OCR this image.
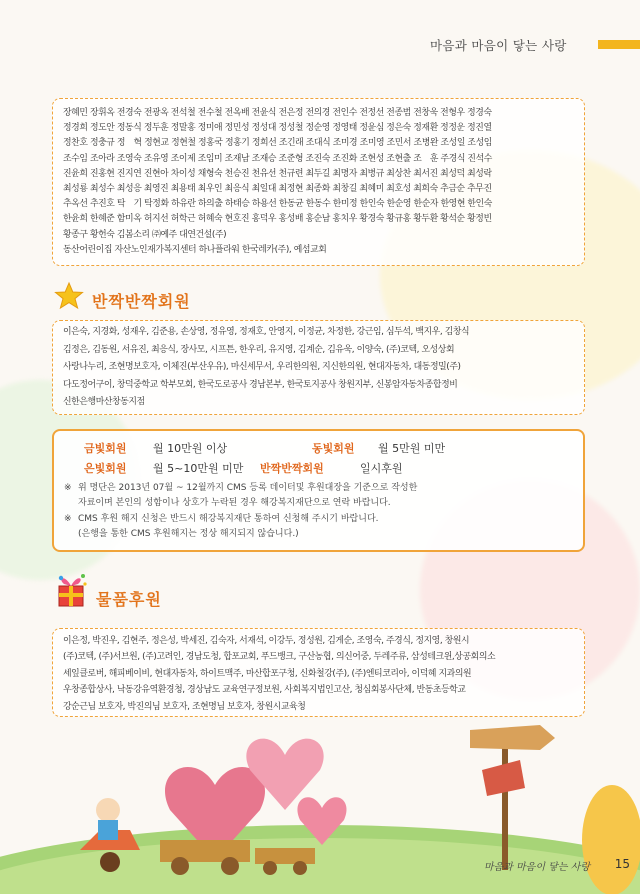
마음과 마음이 닿는 사랑
장혜민 장휘옥 전경숙 전광옥 전석철 전수철 전옥배 전윤식 전은정 전의경 전인수 전정선 전종범 전창욱 전형우 정경숙
정경희 정도안 정동식 정두훈 정말홍 정미애 정민성 정성대 정성철 정순영 정영태 정윤심 정은숙 정재환 정정운 정진열
정찬호 정충규 정　혁 정현교 정현철 정홍국 정홍기 정희선 조긴래 조대식 조미경 조미영 조민서 조병완 조성일 조성임
조수임 조아라 조영숙 조유영 조이제 조임미 조재남 조재승 조준형 조진숙 조진화 조현성 조현출 조　훈 주경식 진석수
진윤희 진홍현 진지연 진현아 차이성 채형숙 천승진 천유선 천규련 최두길 최명자 최병규 최상찬 최서진 최성덕 최성락
최성룡 최성수 최성응 최영진 최용태 최우인 최응식 최일대 최정현 최종화 최창길 최혜미 최호성 최희숙 추금순 추무진
추옥선 추진호 탁　기 탁정화 하유란 하의출 하태승 하용선 한동균 한동수 한미정 한인숙 한순영 한순자 한영현 한인숙
한윤희 한혜준 함미옥 허지선 허학근 허혜숙 현호진 홍덕우 홍성배 홍순남 홍치우 황경숙 황규홍 황두환 황석순 황정빈
황종구 황헌숙 김봄소리 ㈜예주 대연건설(주)
동산어린이집 자산노인재가복지센터 하나플라워 한국레카(주), 예섬교회
반짝반짝회원
이은숙, 지경화, 성재우, 김준용, 손상영, 정유영, 정재호, 안영지, 이정균, 차정한, 강근임, 심두석, 백지우, 김창식
김정은, 김동원, 서유진, 최응식, 장사모, 시프튼, 한우리, 유지영, 김계순, 김유욱, 이양숙, (주)코텍, 오성상회
사랑나누리, 조현명보호자, 이체진(부산우유), 마신세무서, 우리한의원, 지신한의원, 현대자동차, 대동정밀(주)
다도정어구이, 창덕중학교 학부모회, 한국도로공사 경남본부, 한국토지공사 창원지부, 신봉암자동차종합정비
신한은행마산창동지점
금빛회원 월 10만원 이상	동빛회원 월 5만원 미만
은빛회원 월 5~10만원 미만 반짝반짝회원	일시후원
※ 위 명단은 2013년 07월 ~ 12월까지 CMS 등록 데이터및 후원대장을 기준으로 작성한
자료이며 본인의 성함이나 상호가 누락된 경우 해강복지재단으로 연락 바랍니다.
※ CMS 후원 해지 신청은 반드시 해강복지재단 통하여 신청해 주시기 바랍니다.
(은행을 통한 CMS 후원해지는 정상 해지되지 않습니다.)
물품후원
이은정, 박진우, 김현주, 정은성, 박세진, 김숙자, 서재석, 이강두, 정성원, 김게순, 조영숙, 주경식, 정지영, 창원시
(주)코텍, (주)서브원, (주)고려인, 경남도청, 합포교회, 푸드뱅크, 구산농협, 의신어중, 두레주류, 삼성테크윈,상공회의소
세잎클로버, 해피베이비, 현대자동차, 하이트맥주, 마산합포구청, 신화철강(주), (주)엔티코리아, 이덕혜 지과의원
우창종합상사, 낙동강유역환경청, 경상남도 교육연구정보원, 사회복지법인고산, 청심회봉사단체, 반동초등학교
강순근님 보호자, 박진의님 보호자, 조현명님 보호자, 창원시교육청
마음과 마음이 닿는 사랑 15
